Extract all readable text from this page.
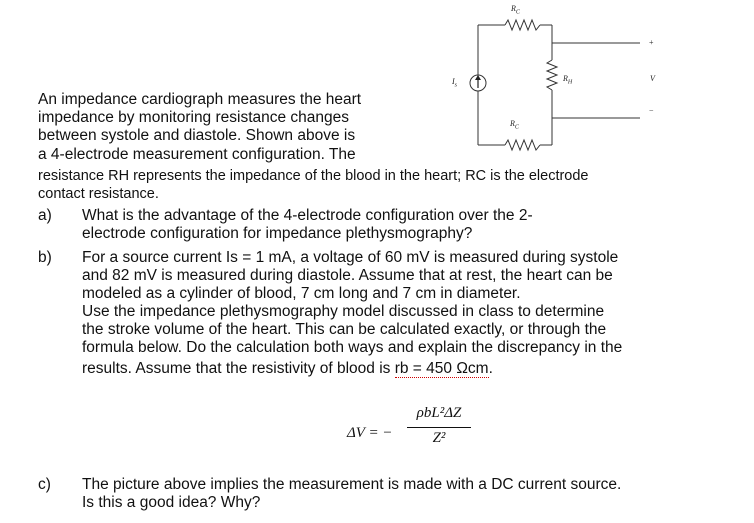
$R_C$
$R_H$
$R_C$
$I_s$
+
V
−
An impedance cardiograph measures the heart
impedance by monitoring resistance changes
between systole and diastole. Shown above is
a 4-electrode measurement configuration. The
resistance RH represents the impedance of the blood in the heart; RC is the electrode
contact resistance.
a) What is the advantage of the 4-electrode configuration over the 2-
electrode configuration for impedance plethysmography?
b) For a source current Is = 1 mA, a voltage of 60 mV is measured during systole
and 82 mV is measured during diastole. Assume that at rest, the heart can be
modeled as a cylinder of blood, 7 cm long and 7 cm in diameter.
Use the impedance plethysmography model discussed in class to determine
the stroke volume of the heart. This can be calculated exactly, or through the
formula below. Do the calculation both ways and explain the discrepancy in the
results. Assume that the resistivity of blood is rb = 450 Ωcm.
ΔV = −
ρbL²ΔZ
Z²
c) The picture above implies the measurement is made with a DC current source.
Is this a good idea? Why?
